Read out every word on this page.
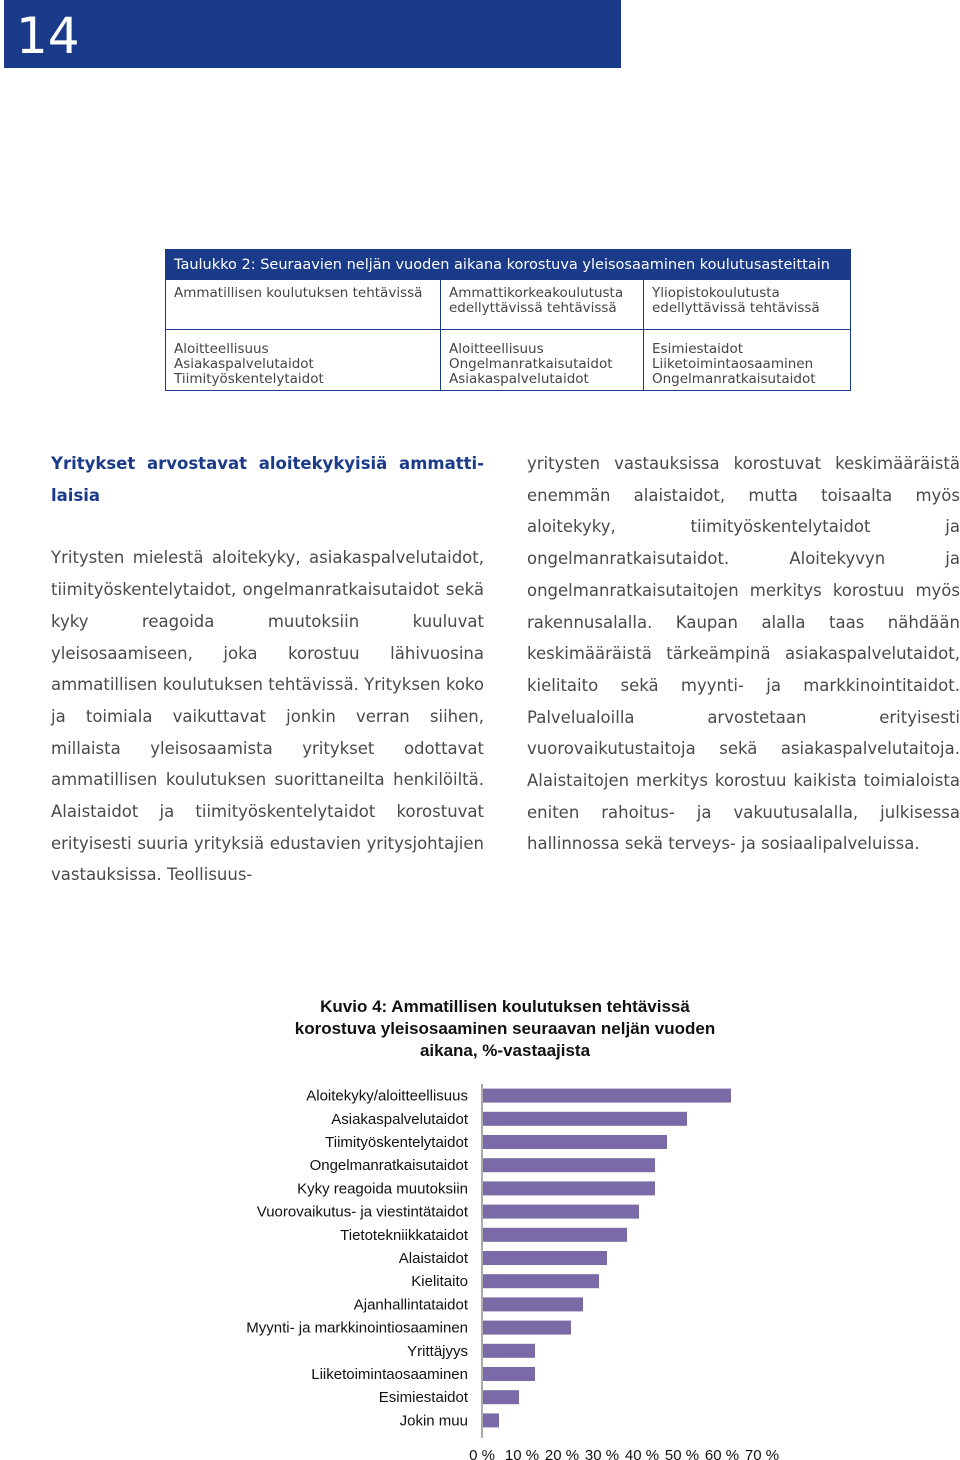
14
Taulukko 2: Seuraavien neljän vuoden aikana korostuva yleisosaaminen koulutusasteittain
Ammatillisen koulutuksen tehtävissä	Ammattikorkeakoulutusta
edellyttävissä tehtävissä
Yliopistokoulutusta
edellyttävissä tehtävissä
Aloitteellisuus
Asiakaspalvelutaidot
Tiimityöskentelytaidot
Aloitteellisuus
Ongelmanratkaisutaidot
Asiakaspalvelutaidot
Esimiestaidot
Liiketoimintaosaaminen
Ongelmanratkaisutaidot
Yritykset arvostavat aloitekykyisiä ammatti-laisia
Yritysten mielestä aloitekyky, asiakaspalvelutaidot, tiimityöskentelytaidot, ongelmanratkaisutaidot sekä kyky reagoida muutoksiin kuuluvat yleisosaamiseen, joka korostuu lähivuosina ammatillisen koulutuksen tehtävissä. Yrityksen koko ja toimiala vaikuttavat jonkin verran siihen, millaista yleisosaamista yritykset odottavat ammatillisen koulutuksen suorittaneilta henkilöiltä. Alaistaidot ja tiimityöskentelytaidot korostuvat erityisesti suuria yrityksiä edustavien yritysjohtajien vastauksissa. Teollisuus-
yritysten vastauksissa korostuvat keskimääräistä enemmän alaistaidot, mutta toisaalta myös aloitekyky, tiimityöskentelytaidot ja ongelmanratkaisutaidot. Aloitekyvyn ja ongelmanratkaisutaitojen merkitys korostuu myös rakennusalalla. Kaupan alalla taas nähdään keskimääräistä tärkeämpinä asiakaspalvelutaidot, kielitaito sekä myynti- ja markkinointitaidot. Palvelualoilla arvostetaan erityisesti vuorovaikutustaitoja sekä asiakaspalvelutaitoja. Alaistaitojen merkitys korostuu kaikista toimialoista eniten rahoitus- ja vakuutusalalla, julkisessa hallinnossa sekä terveys- ja sosiaalipalveluissa.
Kuvio 4: Ammatillisen koulutuksen tehtävissä
korostuva yleisosaaminen seuraavan neljän vuoden
aikana, %-vastaajista
Aloitekyky/aloitteellisuus
Asiakaspalvelutaidot
Tiimityöskentelytaidot
Ongelmanratkaisutaidot
Kyky reagoida muutoksiin
Vuorovaikutus- ja viestintätaidot
Tietotekniikkataidot
Alaistaidot
Kielitaito
Ajanhallintataidot
Myynti- ja markkinointiosaaminen
Yrittäjyys
Liiketoimintaosaaminen
Esimiestaidot
Jokin muu
0 % 10 % 20 % 30 % 40 % 50 % 60 % 70 %
